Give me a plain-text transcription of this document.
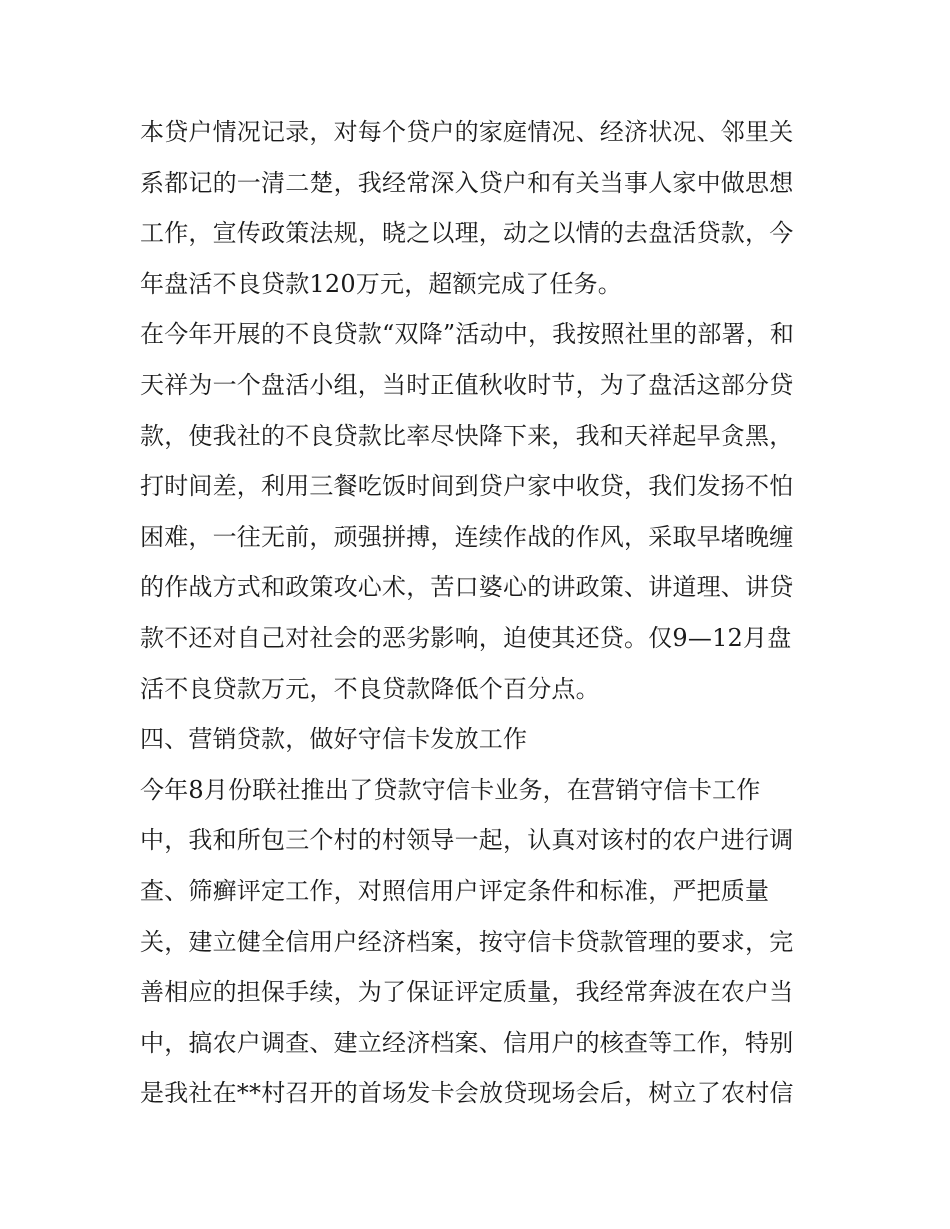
本贷户情况记录，对每个贷户的家庭情况、经济状况、邻里关
系都记的一清二楚，我经常深入贷户和有关当事人家中做思想
工作，宣传政策法规，晓之以理，动之以情的去盘活贷款，今
年盘活不良贷款120万元，超额完成了任务。
在今年开展的不良贷款“双降”活动中，我按照社里的部署，和
天祥为一个盘活小组，当时正值秋收时节，为了盘活这部分贷
款，使我社的不良贷款比率尽快降下来，我和天祥起早贪黑，
打时间差，利用三餐吃饭时间到贷户家中收贷，我们发扬不怕
困难，一往无前，顽强拼搏，连续作战的作风，采取早堵晚缠
的作战方式和政策攻心术，苦口婆心的讲政策、讲道理、讲贷
款不还对自己对社会的恶劣影响，迫使其还贷。仅9—12月盘
活不良贷款万元，不良贷款降低个百分点。
四、营销贷款，做好守信卡发放工作
今年8月份联社推出了贷款守信卡业务，在营销守信卡工作
中，我和所包三个村的村领导一起，认真对该村的农户进行调
查、筛癣评定工作，对照信用户评定条件和标准，严把质量
关，建立健全信用户经济档案，按守信卡贷款管理的要求，完
善相应的担保手续，为了保证评定质量，我经常奔波在农户当
中，搞农户调查、建立经济档案、信用户的核查等工作，特别
是我社在**村召开的首场发卡会放贷现场会后，树立了农村信
